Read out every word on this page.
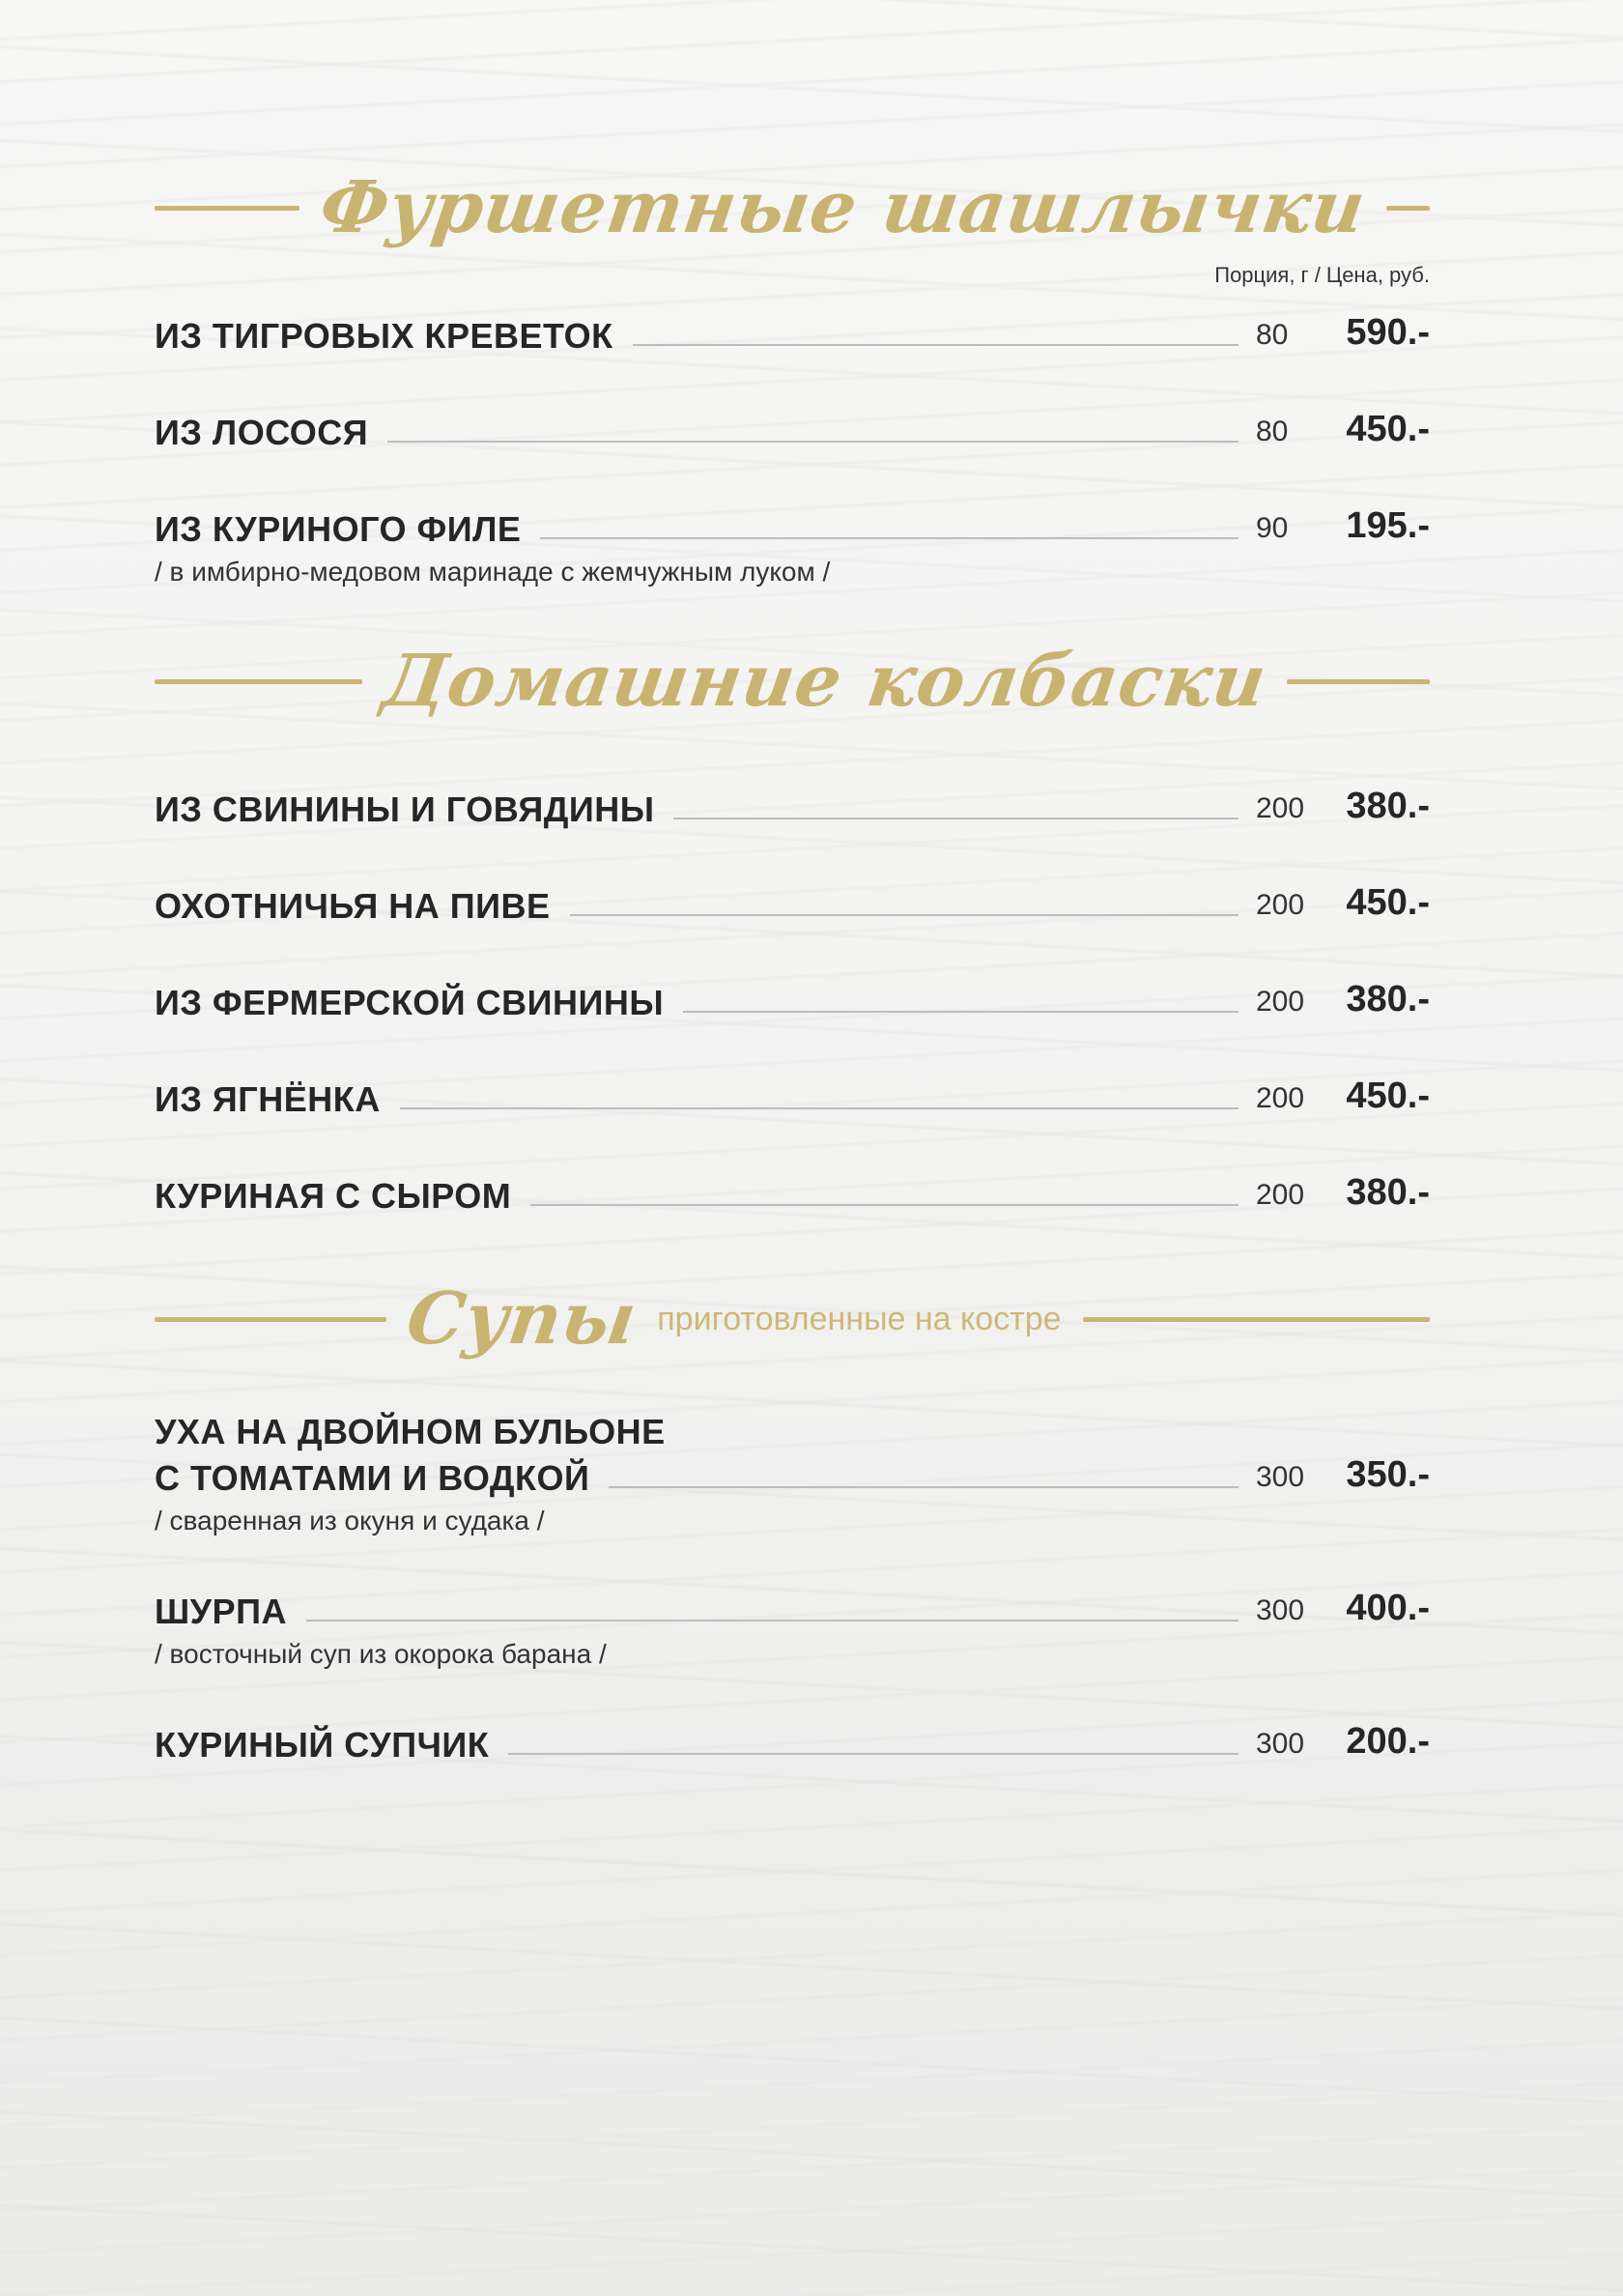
Фуршетные шашлычки
Порция, г / Цена, руб.
ИЗ ТИГРОВЫХ КРЕВЕТОК	80	590.-
ИЗ ЛОСОСЯ	80	450.-
ИЗ КУРИНОГО ФИЛЕ	90	195.-
/ в имбирно-медовом маринаде с жемчужным луком /
Домашние колбаски
ИЗ СВИНИНЫ И ГОВЯДИНЫ	200	380.-
ОХОТНИЧЬЯ НА ПИВЕ	200	450.-
ИЗ ФЕРМЕРСКОЙ СВИНИНЫ	200	380.-
ИЗ ЯГНЁНКА	200	450.-
КУРИНАЯ С СЫРОМ	200	380.-
Супы приготовленные на костре
УХА НА ДВОЙНОМ БУЛЬОНЕ
С ТОМАТАМИ И ВОДКОЙ	300	350.-
/ сваренная из окуня и судака /
ШУРПА	300	400.-
/ восточный суп из окорока барана /
КУРИНЫЙ СУПЧИК	300	200.-
